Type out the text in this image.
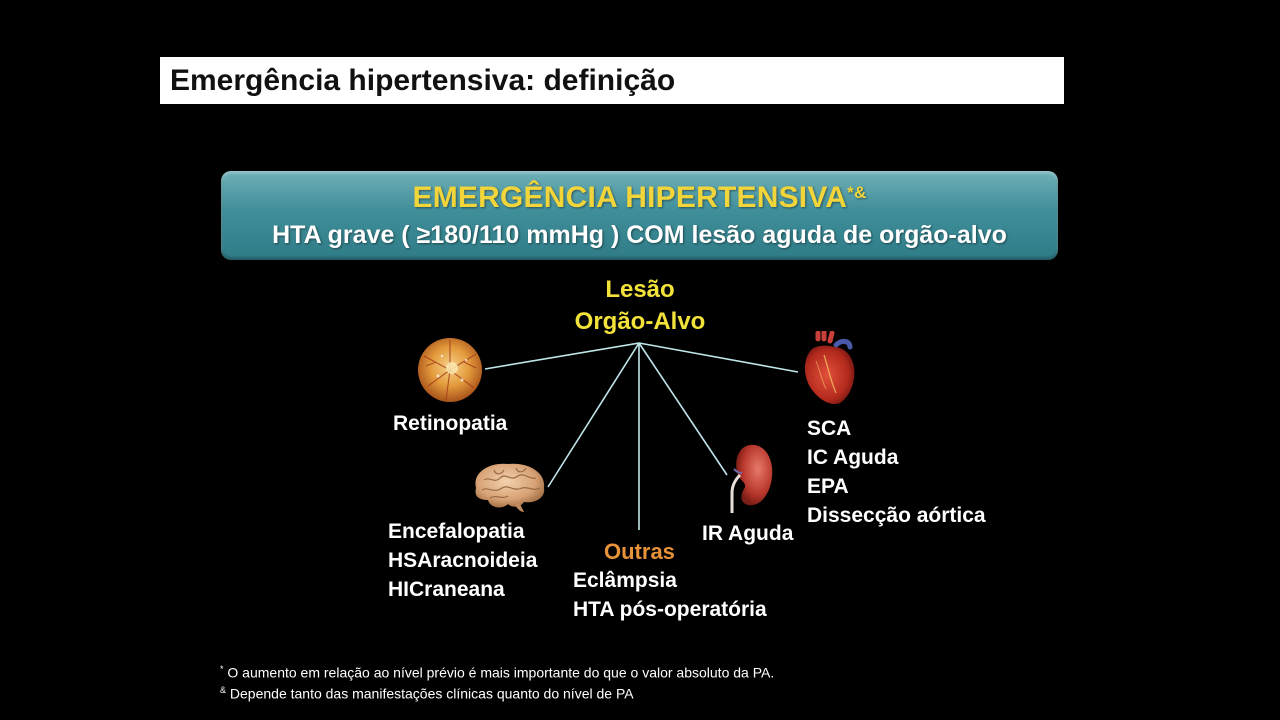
Emergência hipertensiva: definição
EMERGÊNCIA HIPERTENSIVA*&
HTA grave ( ≥180/110 mmHg ) COM lesão aguda de orgão-alvo
Lesão
Orgão-Alvo
Retinopatia
Encefalopatia
HSAracnoideia
HICraneana
Outras
Eclâmpsia
HTA pós-operatória
IR Aguda
SCA
IC Aguda
EPA
Dissecção aórtica
* O aumento em relação ao nível prévio é mais importante do que o valor absoluto da PA.
& Depende tanto das manifestações clínicas quanto do nível de PA
